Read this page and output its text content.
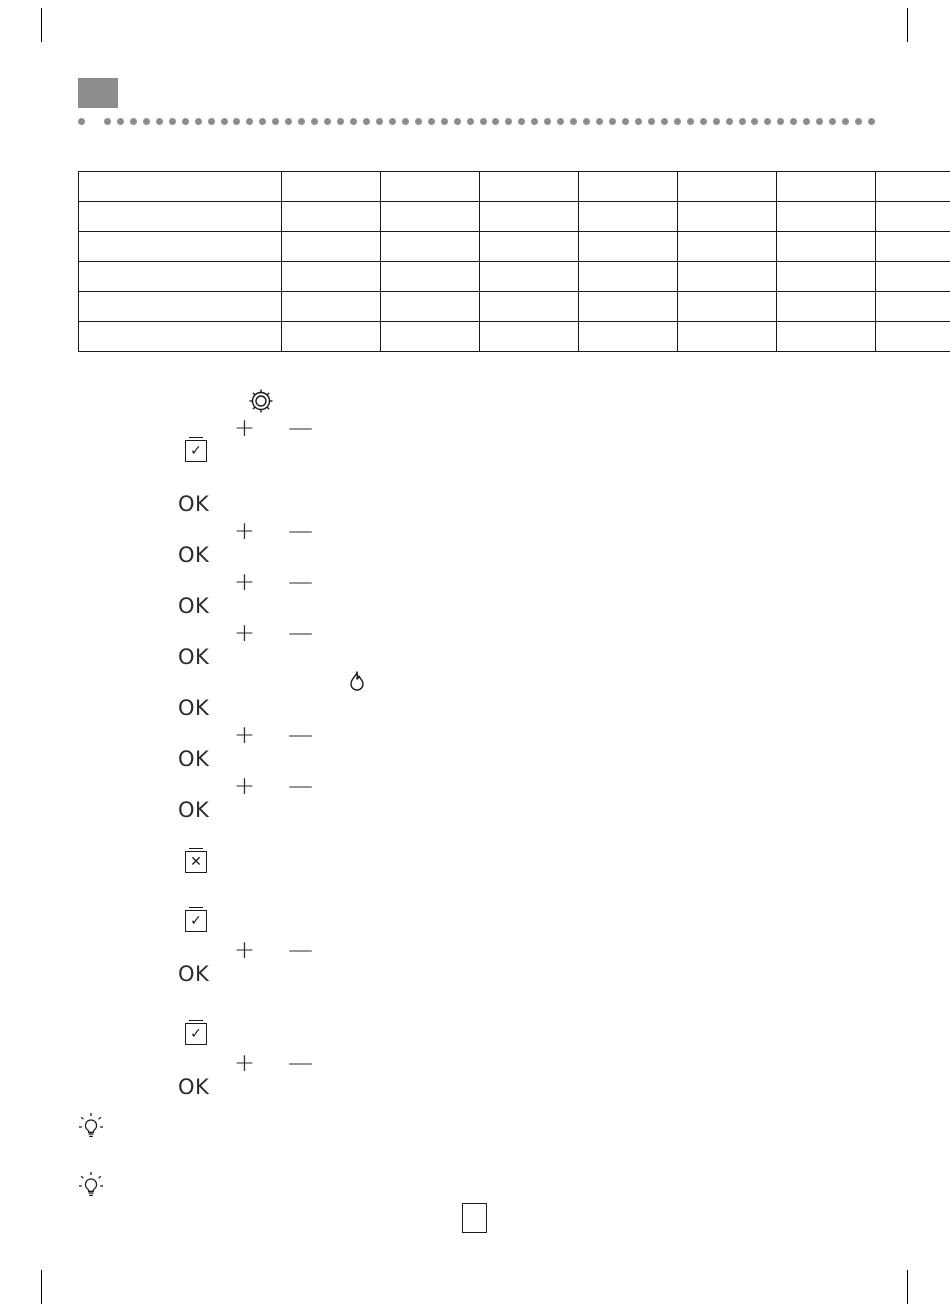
+ —
✓
OK
+ —
OK
+ —
OK
+ —
OK
OK
+ —
OK
+ —
OK
✕
✓
+ —
OK
✓
+ —
OK
